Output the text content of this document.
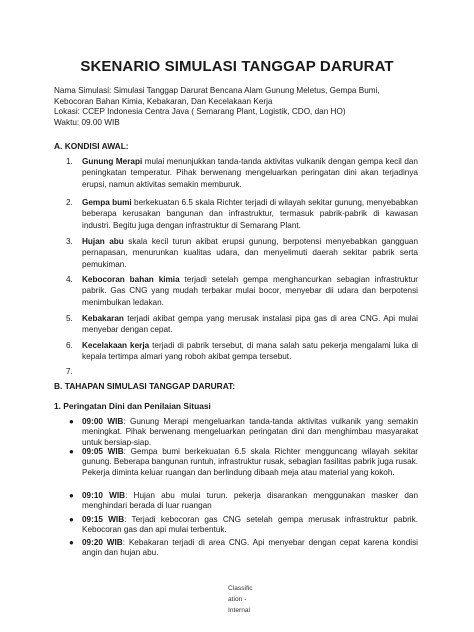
SKENARIO SIMULASI TANGGAP DARURAT
Nama Simulasi: Simulasi Tanggap Darurat Bencana Alam Gunung Meletus, Gempa Bumi,
Kebocoran Bahan Kimia, Kebakaran, Dan Kecelakaan Kerja
Lokasi: CCEP Indonesia Centra Java ( Semarang Plant, Logistik, CDO, dan HO)
Waktu: 09.00 WIB
A. KONDISI AWAL:
1. Gunung Merapi mulai menunjukkan tanda-tanda aktivitas vulkanik dengan gempa kecil dan peningkatan temperatur. Pihak berwenang mengeluarkan peringatan dini akan terjadinya erupsi, namun aktivitas semakin memburuk.
2. Gempa bumi berkekuatan 6.5 skala Richter terjadi di wilayah sekitar gunung, menyebabkan beberapa kerusakan bangunan dan infrastruktur, termasuk pabrik-pabrik di kawasan industri. Begitu juga dengan infrastruktur di Semarang Plant.
3. Hujan abu skala kecil turun akibat erupsi gunung, berpotensi menyebabkan gangguan pernapasan, menurunkan kualitas udara, dan menyelimuti daerah sekitar pabrik serta pemukiman.
4. Kebocoran bahan kimia terjadi setelah gempa menghancurkan sebagian infrastruktur pabrik. Gas CNG yang mudah terbakar mulai bocor, menyebar dii udara dan berpotensi menimbulkan ledakan.
5. Kebakaran terjadi akibat gempa yang merusak instalasi pipa gas di area CNG. Api mulai menyebar dengan cepat.
6. Kecelakaan kerja terjadi di pabrik tersebut, di mana salah satu pekerja mengalami luka di kepala tertimpa almari yang roboh akibat gempa tersebut.
7.
B. TAHAPAN SIMULASI TANGGAP DARURAT:
1. Peringatan Dini dan Penilaian Situasi
● 09:00 WIB: Gunung Merapi mengeluarkan tanda-tanda aktivitas vulkanik yang semakin meningkat. Pihak berwenang mengeluarkan peringatan dini dan menghimbau masyarakat untuk bersiap-siap.
● 09:05 WIB: Gempa bumi berkekuatan 6.5 skala Richter mengguncang wilayah sekitar gunung. Beberapa bangunan runtuh, infrastruktur rusak, sebagian fasilitas pabrik juga rusak. Pekerja diminta keluar ruangan dan berlindung dibaah meja atau material yang kokoh.
● 09:10 WIB: Hujan abu mulai turun. pekerja disarankan menggunakan masker dan menghindari berada di luar ruangan
● 09:15 WIB: Terjadi kebocoran gas CNG setelah gempa merusak infrastruktur pabrik. Kebocoran gas dan api mulai terbentuk.
● 09:20 WIB: Kebakaran terjadi di area CNG. Api menyebar dengan cepat karena kondisi angin dan hujan abu.
Classific
ation -
Internal
